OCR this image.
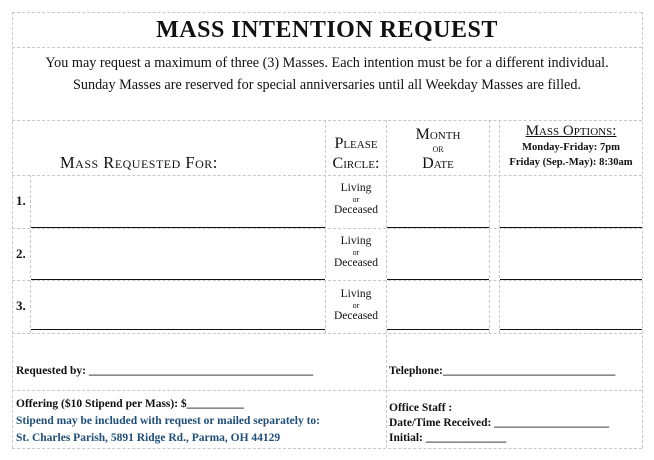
MASS INTENTION REQUEST
You may request a maximum of three (3) Masses. Each intention must be for a different individual.
Sunday Masses are reserved for special anniversaries until all Weekday Masses are filled.
Mass Requested For:
Please
Circle:
Month
or
Date
Mass Options:
Monday-Friday: 7pm
Friday (Sep.-May): 8:30am
1.
Living
or
Deceased
2.
Living
or
Deceased
3.
Living
or
Deceased
Requested by: _______________________________________	Telephone:______________________________
Offering ($10 Stipend per Mass): $__________
Stipend may be included with request or mailed separately to:
St. Charles Parish, 5891 Ridge Rd., Parma, OH 44129
Office Staff :
Date/Time Received: ____________________
Initial: ______________
